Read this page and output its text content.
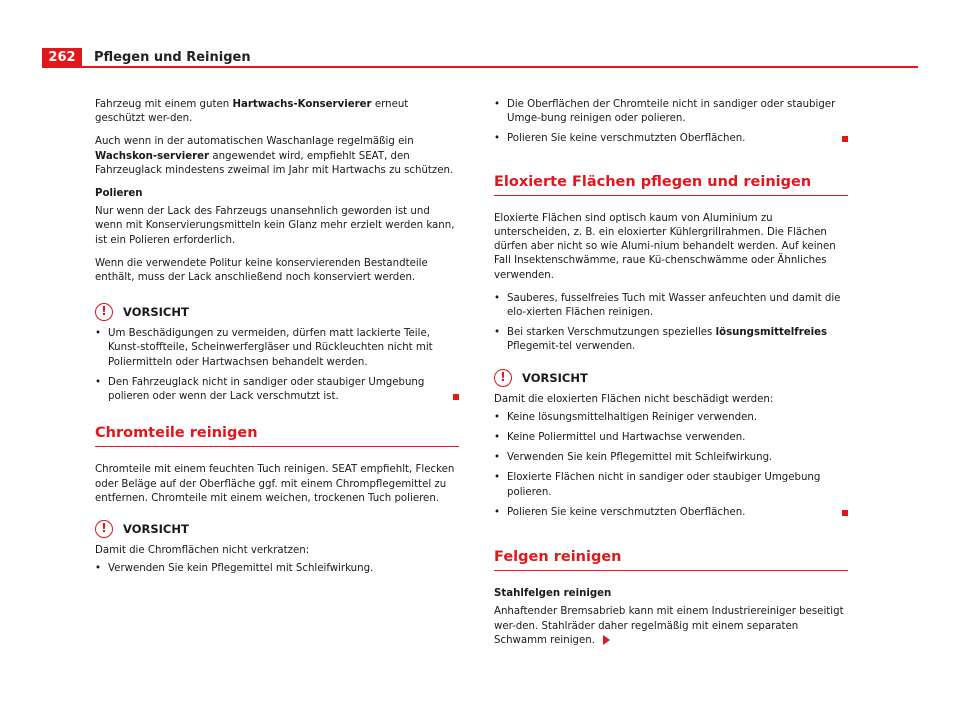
262	Pflegen und Reinigen

Fahrzeug mit einem guten Hartwachs-Konservierer erneut geschützt wer-den.

Auch wenn in der automatischen Waschanlage regelmäßig ein Wachskon-servierer angewendet wird, empfiehlt SEAT, den Fahrzeuglack mindestens zweimal im Jahr mit Hartwachs zu schützen.

Polieren

Nur wenn der Lack des Fahrzeugs unansehnlich geworden ist und wenn mit Konservierungsmitteln kein Glanz mehr erzielt werden kann, ist ein Polieren erforderlich.

Wenn die verwendete Politur keine konservierenden Bestandteile enthält, muss der Lack anschließend noch konserviert werden.

!	VORSICHT
• Um Beschädigungen zu vermeiden, dürfen matt lackierte Teile, Kunst-stoffteile, Scheinwerfergläser und Rückleuchten nicht mit Poliermitteln oder Hartwachsen behandelt werden.
• Den Fahrzeuglack nicht in sandiger oder staubiger Umgebung polieren oder wenn der Lack verschmutzt ist.
Chromteile reinigen

Chromteile mit einem feuchten Tuch reinigen. SEAT empfiehlt, Flecken oder Beläge auf der Oberfläche ggf. mit einem Chrompflegemittel zu entfernen. Chromteile mit einem weichen, trockenen Tuch polieren.

!	VORSICHT

Damit die Chromflächen nicht verkratzen:

• Verwenden Sie kein Pflegemittel mit Schleifwirkung.
• Die Oberflächen der Chromteile nicht in sandiger oder staubiger Umge-bung reinigen oder polieren.
• Polieren Sie keine verschmutzten Oberflächen.
Eloxierte Flächen pflegen und reinigen

Eloxierte Flächen sind optisch kaum von Aluminium zu unterscheiden, z. B. ein eloxierter Kühlergrillrahmen. Die Flächen dürfen aber nicht so wie Alumi-nium behandelt werden. Auf keinen Fall Insektenschwämme, raue Kü-chenschwämme oder Ähnliches verwenden.

• Sauberes, fusselfreies Tuch mit Wasser anfeuchten und damit die elo-xierten Flächen reinigen.
• Bei starken Verschmutzungen spezielles lösungsmittelfreies Pflegemit-tel verwenden.
!	VORSICHT

Damit die eloxierten Flächen nicht beschädigt werden:

• Keine lösungsmittelhaltigen Reiniger verwenden.
• Keine Poliermittel und Hartwachse verwenden.
• Verwenden Sie kein Pflegemittel mit Schleifwirkung.
• Eloxierte Flächen nicht in sandiger oder staubiger Umgebung polieren.
• Polieren Sie keine verschmutzten Oberflächen.
Felgen reinigen
Stahlfelgen reinigen

Anhaftender Bremsabrieb kann mit einem Industriereiniger beseitigt wer-den. Stahlräder daher regelmäßig mit einem separaten Schwamm reinigen.
